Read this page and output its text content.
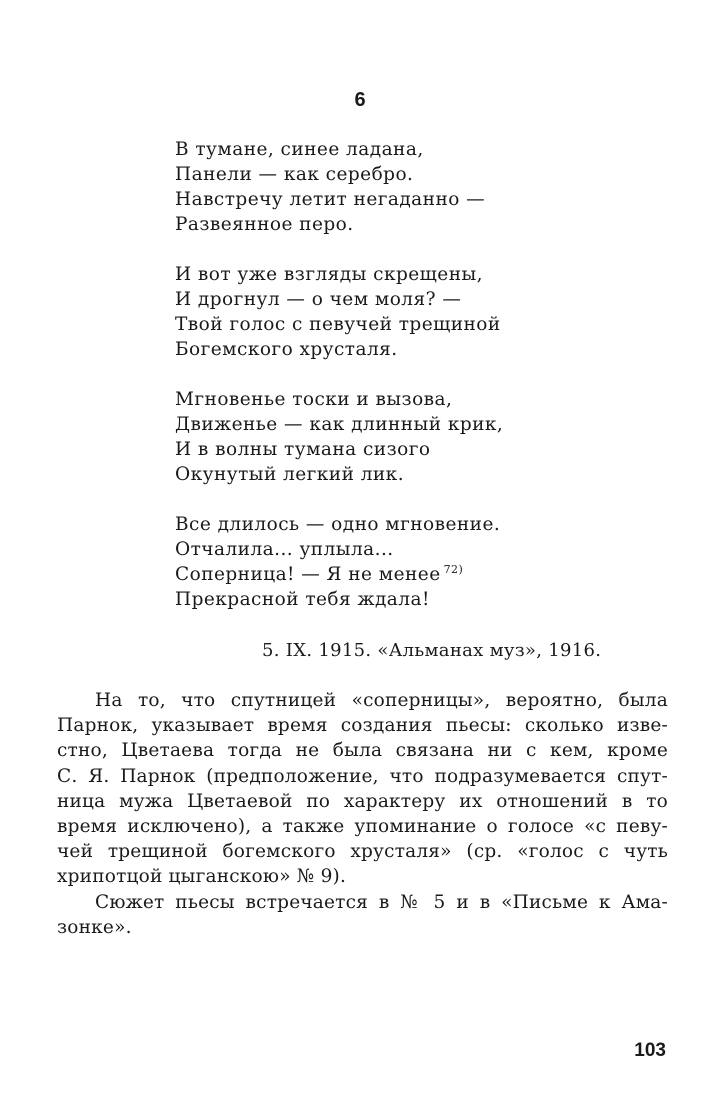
6
В тумане, синее ладана,
Панели — как серебро.
Навстречу летит негаданно —
Развеянное перо.
И вот уже взгляды скрещены,
И дрогнул — о чем моля? —
Твой голос с певучей трещиной
Богемского хрусталя.
Мгновенье тоски и вызова,
Движенье — как длинный крик,
И в волны тумана сизого
Окунутый легкий лик.
Все длилось — одно мгновение.
Отчалила... уплыла...
Соперница! — Я не менее $^{72)}$
Прекрасной тебя ждала!
5. IX. 1915. «Альманах муз», 1916.
На то, что спутницей «соперницы», вероятно, была
Парнок, указывает время создания пьесы: сколько изве-
стно, Цветаева тогда не была связана ни с кем, кроме
С. Я. Парнок (предположение, что подразумевается спут-
ница мужа Цветаевой по характеру их отношений в то
время исключено), а также упоминание о голосе «с певу-
чей трещиной богемского хрусталя» (ср. «голос с чуть
хрипотцой цыганскою» № 9).
Сюжет пьесы встречается в № 5 и в «Письме к Ама-
зонке».
103
